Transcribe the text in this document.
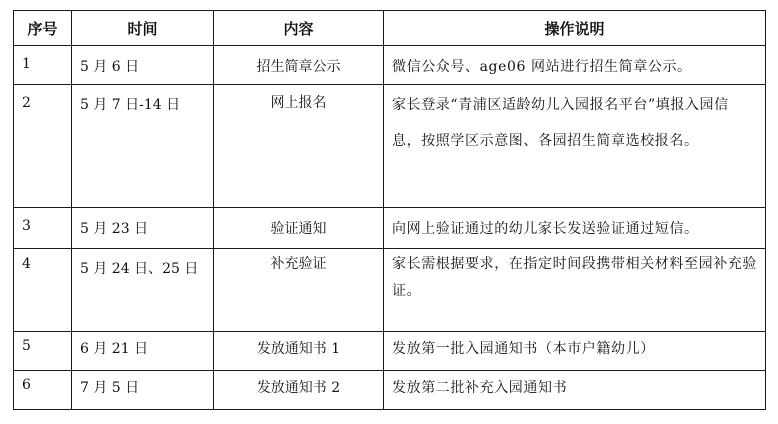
序号	时间	内容	操作说明
1	5 月 6 日	招生简章公示	微信公众号、age06 网站进行招生简章公示。
2	5 月 7 日-14 日	网上报名	家长登录“青浦区适龄幼儿入园报名平台”填报入园信息，按照学区示意图、各园招生简章选校报名。
3	5 月 23 日	验证通知	向网上验证通过的幼儿家长发送验证通过短信。
4	5 月 24 日、25 日	补充验证	家长需根据要求，在指定时间段携带相关材料至园补充验证。
5	6 月 21 日	发放通知书 1	发放第一批入园通知书（本市户籍幼儿）
6	7 月 5 日	发放通知书 2	发放第二批补充入园通知书
